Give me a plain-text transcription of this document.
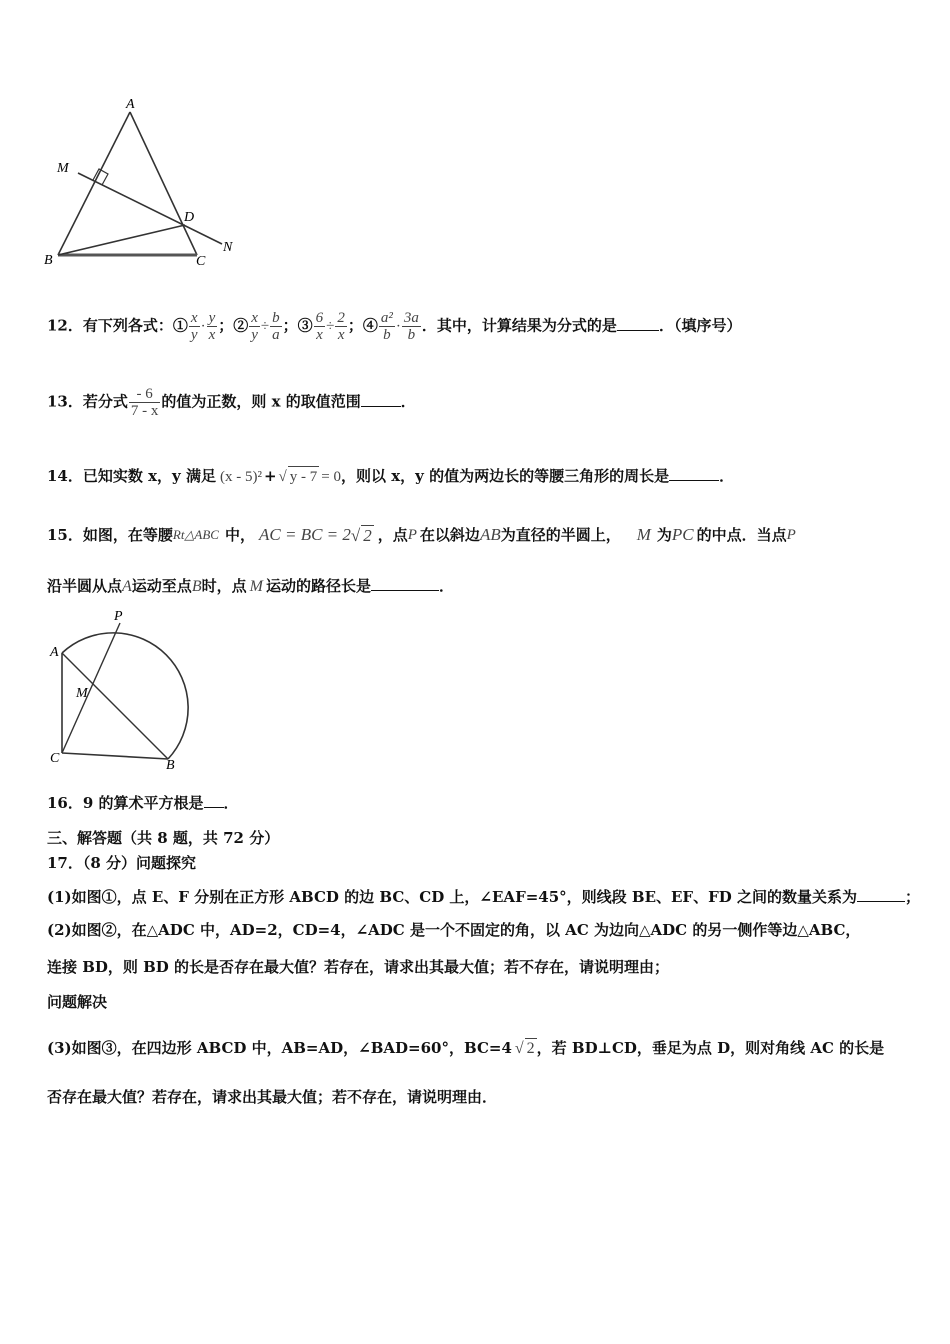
A
M
D
N
B	C
12．有下列各式：① $\frac{x}{y} \cdot \frac{y}{x}$ ；② $\frac{x}{y} \div \frac{b}{a}$ ；③ $\frac{6}{x} \div \frac{2}{x}$ ；④ $\frac{\text{a²}}{b} \cdot \frac{3a}{b}$ ．其中，计算结果为分式的是	．（填序号）
13．若分式 $\frac{- 6}{7 - x}$ 的值为正数，则 x 的取值范围	．
14．已知实数 x，y 满足 (x - 5)² + √ y - 7 = 0，则以 x，y 的值为两边长的等腰三角形的周长是	．
15．如图，在等腰Rt△ABC 中， AC = BC = 2√ 2 ，点P 在以斜边AB为直径的半圆上， M 为PC 的中点．当点P
沿半圆从点A运动至点B时，点 M 运动的路径长是	．
P
A
M
C	B
16．9 的算术平方根是 ．
三、解答题（共 8 题，共 72 分）
17．（8 分）问题探究
(1)如图①，点 E、F 分别在正方形 ABCD 的边 BC、CD 上，∠EAF=45°，则线段 BE、EF、FD 之间的数量关系为	；
(2)如图②，在△ADC 中，AD=2，CD=4，∠ADC 是一个不固定的角，以 AC 为边向△ADC 的另一侧作等边△ABC，
连接 BD，则 BD 的长是否存在最大值？若存在，请求出其最大值；若不存在，请说明理由；
问题解决
(3)如图③，在四边形 ABCD 中，AB=AD，∠BAD=60°，BC=4 √ 2 ，若 BD⊥CD，垂足为点 D，则对角线 AC 的长是
否存在最大值？若存在，请求出其最大值；若不存在，请说明理由．
